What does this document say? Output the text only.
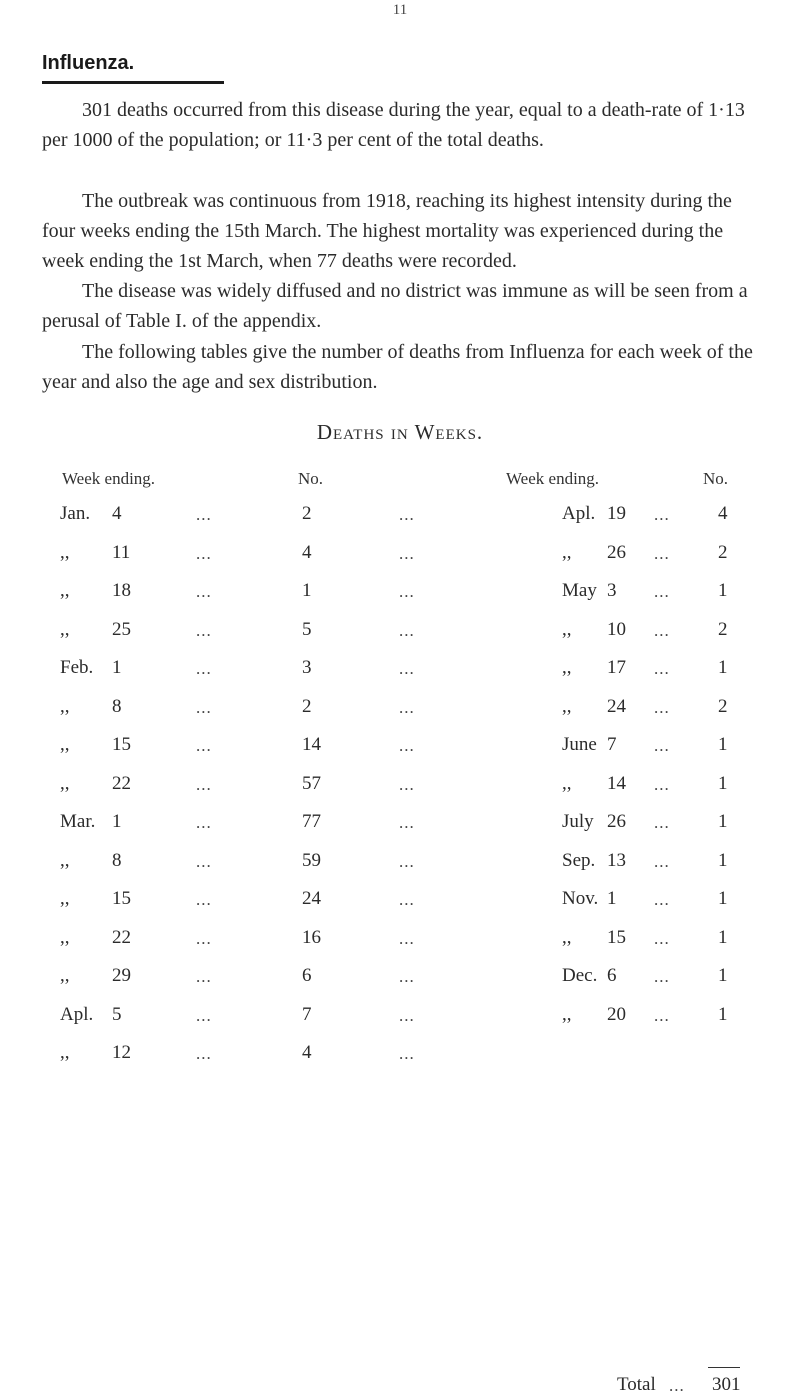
11
Influenza.

301 deaths occurred from this disease during the year, equal to a death-rate of 1·13 per 1000 of the population; or 11·3 per cent of the total deaths.

The outbreak was continuous from 1918, reaching its highest intensity during the four weeks ending the 15th March. The highest mortality was experienced during the week ending the 1st March, when 77 deaths were recorded.

The disease was widely diffused and no district was immune as will be seen from a perusal of Table I. of the appendix.

The following tables give the number of deaths from Influenza for each week of the year and also the age and sex distribution.

Deaths in Weeks.
Week ending.	No.	Week ending.	No.
Jan. 4	2	Apl. 19	4
...	...	...
,, 11	4	,, 26	2
...	...	...
,, 18	1	May 3	1
...	...	...
,, 25	5	,, 10	2
...	...	...
Feb. 1	3	,, 17	1
...	...	...
,, 8	2	,, 24	2
...	...	...
,, 15	14	June 7	1
...	...	...
,, 22	57	,, 14	1
...	...	...
Mar. 1	77	July 26	1
...	...	...
,, 8	59	Sep. 13	1
...	...	...
,, 15	24	Nov. 1	1
...	...	...
,, 22	16	,, 15	1
...	...	...
,, 29	6	Dec. 6	1
...	...	...
Apl. 5	7	,, 20	1
...	...	...
,, 12	4
...	...
Total ... 301
